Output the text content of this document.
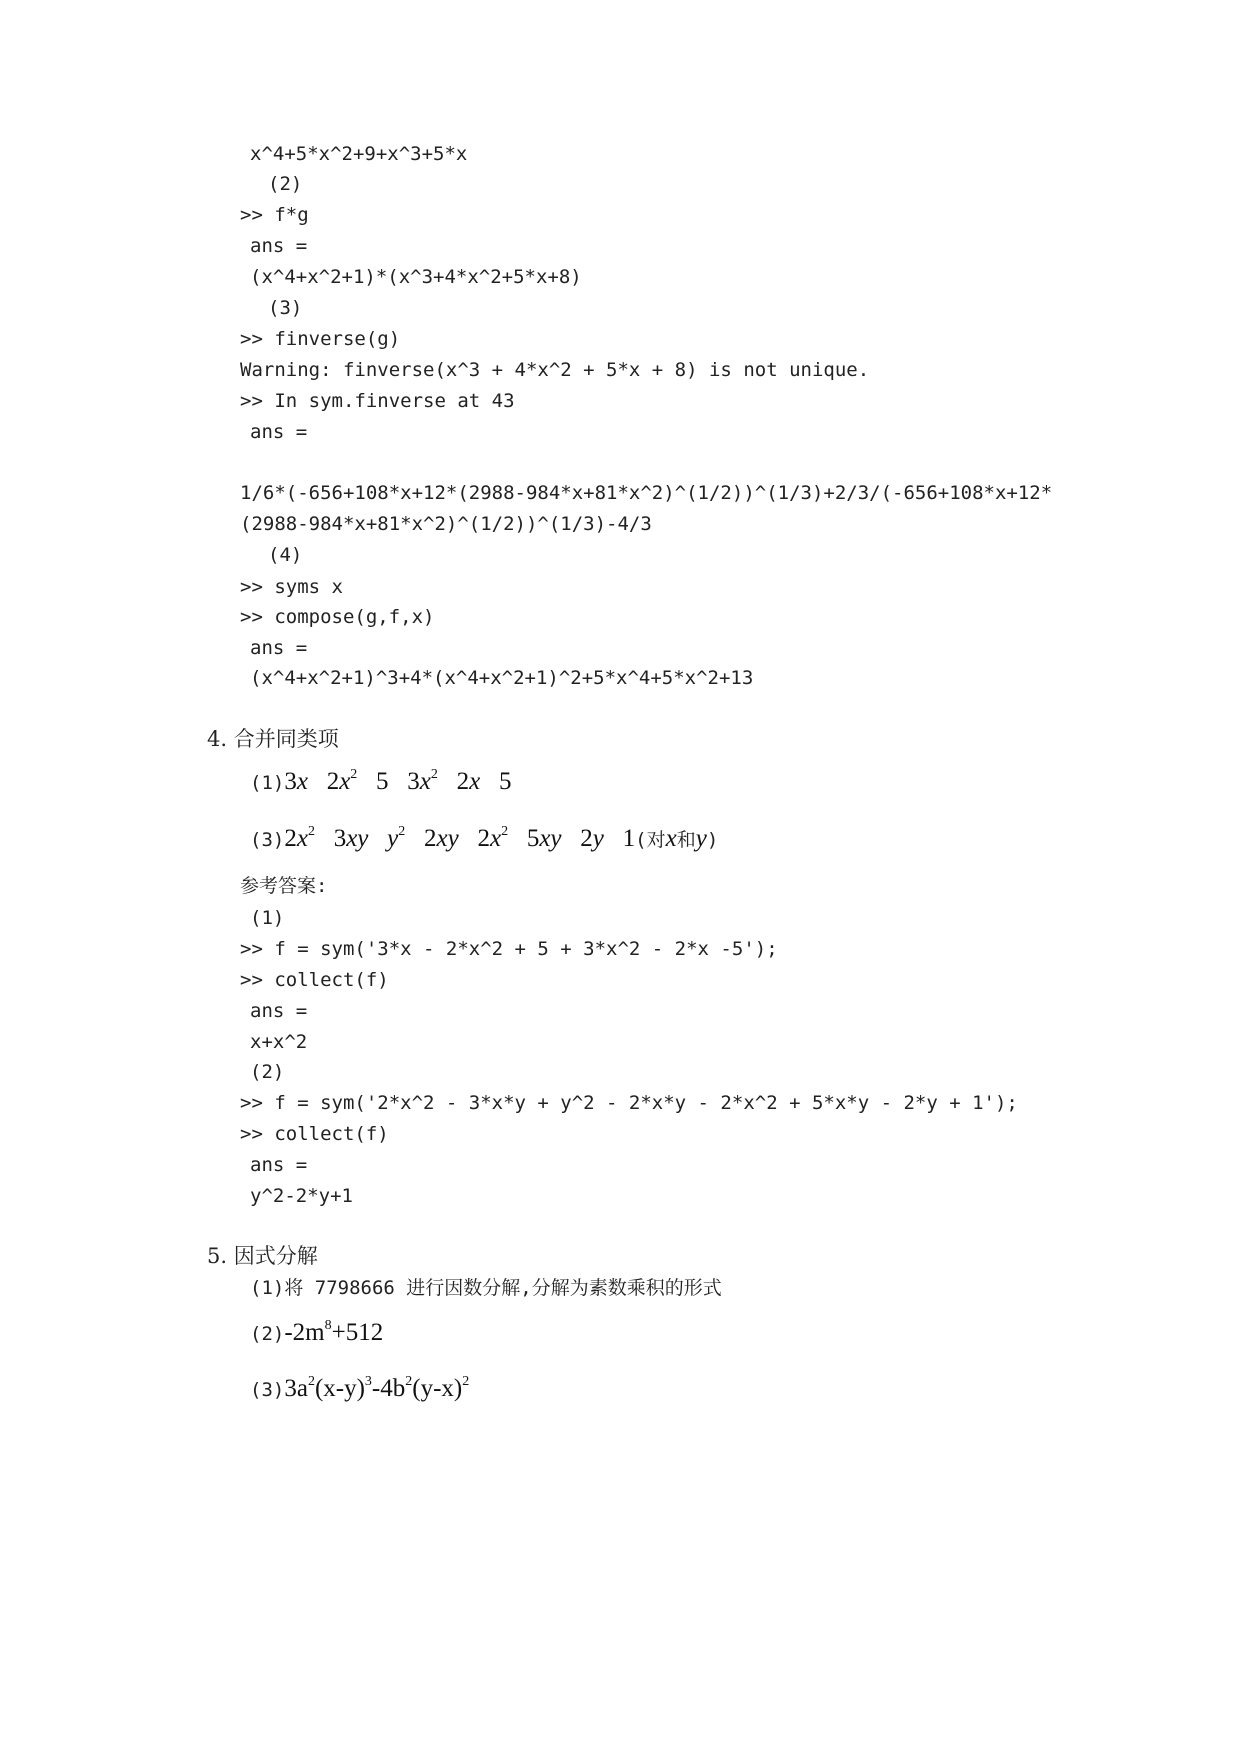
x^4+5*x^2+9+x^3+5*x
(2)
>> f*g
ans =
(x^4+x^2+1)*(x^3+4*x^2+5*x+8)
(3)
>> finverse(g)
Warning: finverse(x^3 + 4*x^2 + 5*x + 8) is not unique.
>> In sym.finverse at 43
ans =
1/6*(-656+108*x+12*(2988-984*x+81*x^2)^(1/2))^(1/3)+2/3/(-656+108*x+12*
(2988-984*x+81*x^2)^(1/2))^(1/3)-4/3
(4)
>> syms x
>> compose(g,f,x)
ans =
(x^4+x^2+1)^3+4*(x^4+x^2+1)^2+5*x^4+5*x^2+13
4. 合并同类项
(1)3x $2x^2$ 5 $3x^2$ 2x 5
$(3)2x^2$ 3xy $y^2$ 2xy $2x^2$ 5xy 2y 1(对x和y)
参考答案:
(1)
>> f = sym('3*x - 2*x^2 + 5 + 3*x^2 - 2*x -5');
>> collect(f)
ans =
x+x^2
(2)
>> f = sym('2*x^2 - 3*x*y + y^2 - 2*x*y - 2*x^2 + 5*x*y - 2*y + 1');
>> collect(f)
ans =
y^2-2*y+1
5. 因式分解
(1)将 7798666 进行因数分解,分解为素数乘积的形式
$(2)-2m^8+512$
$(3)3a^2(x-y)^3-4b^2(y-x)^2$
